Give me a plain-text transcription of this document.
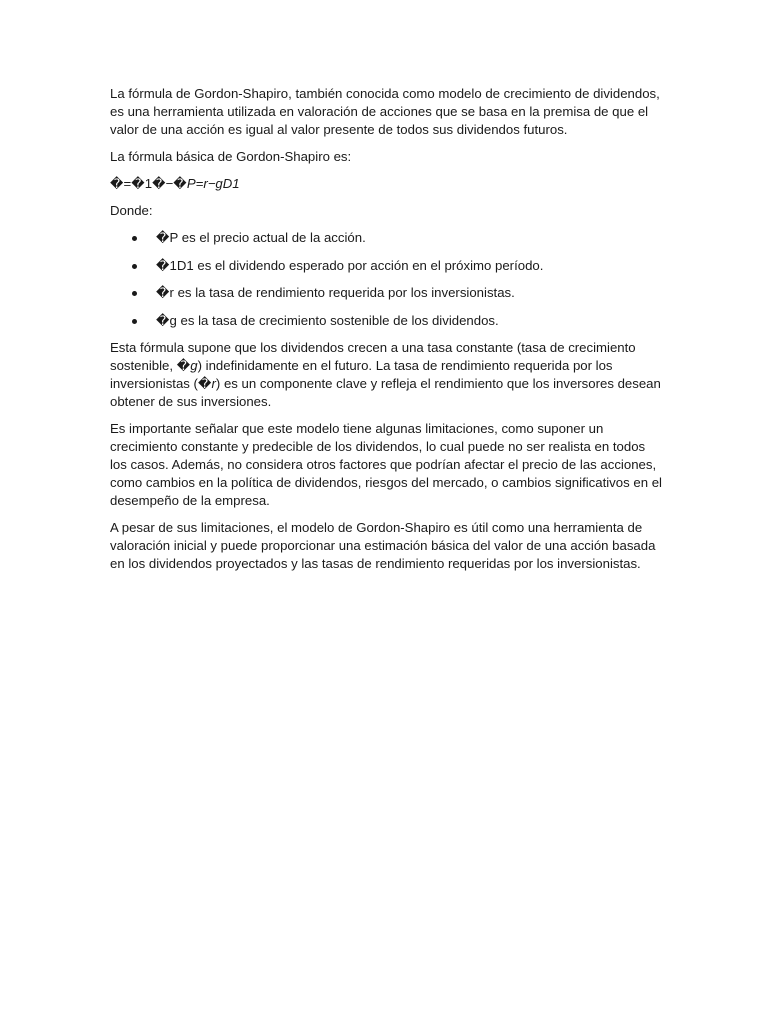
La fórmula de Gordon-Shapiro, también conocida como modelo de crecimiento de dividendos, es una herramienta utilizada en valoración de acciones que se basa en la premisa de que el valor de una acción es igual al valor presente de todos sus dividendos futuros.

La fórmula básica de Gordon-Shapiro es:

�=�1�−�P=r−gD1

Donde:

�P es el precio actual de la acción.
�1D1 es el dividendo esperado por acción en el próximo período.
�r es la tasa de rendimiento requerida por los inversionistas.
�g es la tasa de crecimiento sostenible de los dividendos.

Esta fórmula supone que los dividendos crecen a una tasa constante (tasa de crecimiento sostenible, �g) indefinidamente en el futuro. La tasa de rendimiento requerida por los inversionistas (�r) es un componente clave y refleja el rendimiento que los inversores desean obtener de sus inversiones.

Es importante señalar que este modelo tiene algunas limitaciones, como suponer un crecimiento constante y predecible de los dividendos, lo cual puede no ser realista en todos los casos. Además, no considera otros factores que podrían afectar el precio de las acciones, como cambios en la política de dividendos, riesgos del mercado, o cambios significativos en el desempeño de la empresa.

A pesar de sus limitaciones, el modelo de Gordon-Shapiro es útil como una herramienta de valoración inicial y puede proporcionar una estimación básica del valor de una acción basada en los dividendos proyectados y las tasas de rendimiento requeridas por los inversionistas.
